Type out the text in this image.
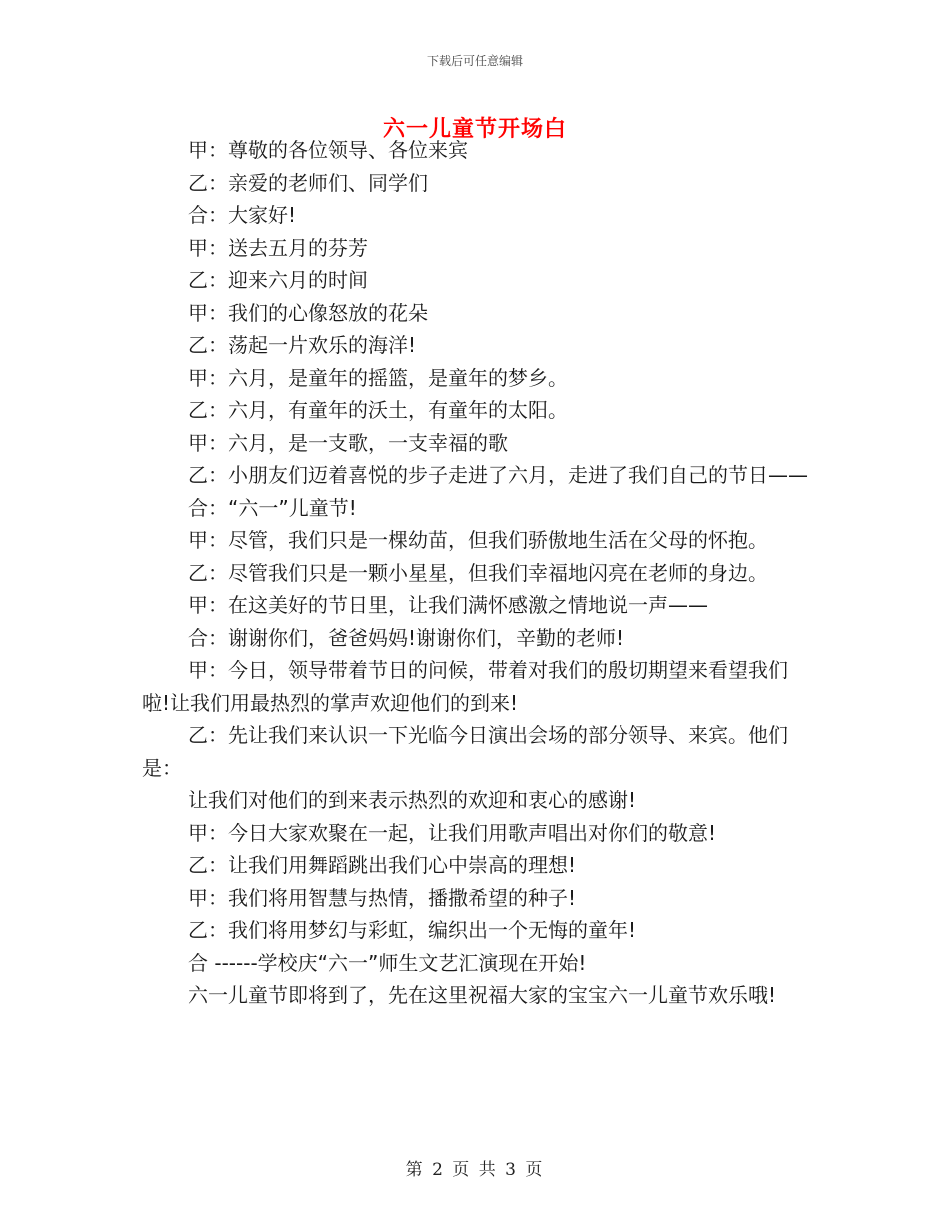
下载后可任意编辑
六一儿童节开场白

甲：尊敬的各位领导、各位来宾

乙：亲爱的老师们、同学们

合：大家好!

甲：送去五月的芬芳

乙：迎来六月的时间

甲：我们的心像怒放的花朵

乙：荡起一片欢乐的海洋!

甲：六月，是童年的摇篮，是童年的梦乡。

乙：六月，有童年的沃土，有童年的太阳。

甲：六月，是一支歌，一支幸福的歌

乙：小朋友们迈着喜悦的步子走进了六月，走进了我们自己的节日——

合：“六一”儿童节!

甲：尽管，我们只是一棵幼苗，但我们骄傲地生活在父母的怀抱。

乙：尽管我们只是一颗小星星，但我们幸福地闪亮在老师的身边。

甲：在这美好的节日里，让我们满怀感激之情地说一声——

合：谢谢你们，爸爸妈妈!谢谢你们，辛勤的老师!

甲：今日，领导带着节日的问候，带着对我们的殷切期望来看望我们啦!让我们用最热烈的掌声欢迎他们的到来!

乙：先让我们来认识一下光临今日演出会场的部分领导、来宾。他们是：

让我们对他们的到来表示热烈的欢迎和衷心的感谢!

甲：今日大家欢聚在一起，让我们用歌声唱出对你们的敬意!

乙：让我们用舞蹈跳出我们心中崇高的理想!

甲：我们将用智慧与热情，播撒希望的种子!

乙：我们将用梦幻与彩虹，编织出一个无悔的童年!

合 ------学校庆“六一”师生文艺汇演现在开始!

六一儿童节即将到了，先在这里祝福大家的宝宝六一儿童节欢乐哦!

第 2 页 共 3 页
